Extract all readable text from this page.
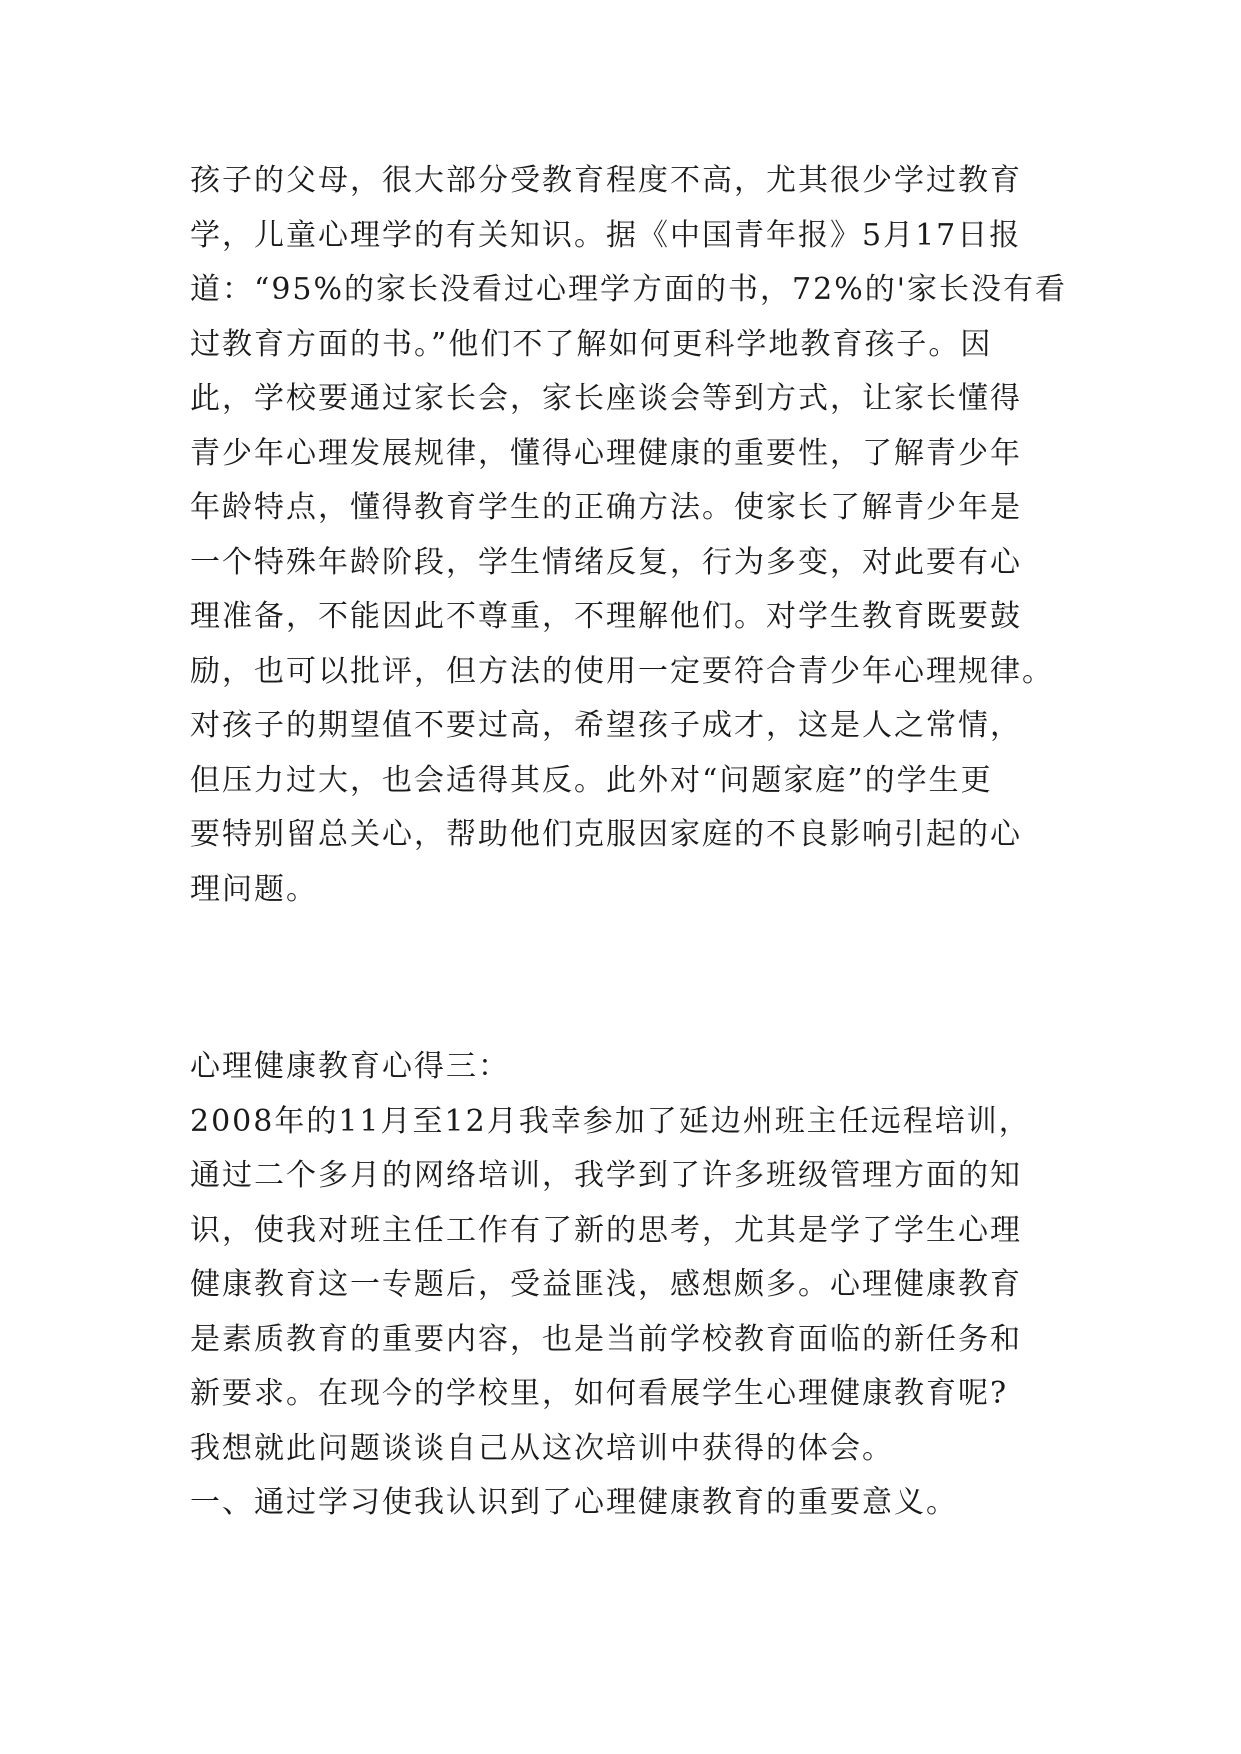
孩子的父母，很大部分受教育程度不高，尤其很少学过教育
学，儿童心理学的有关知识。据《中国青年报》5月17日报
道：“95%的家长没看过心理学方面的书，72%的'家长没有看
过教育方面的书。”他们不了解如何更科学地教育孩子。因
此，学校要通过家长会，家长座谈会等到方式，让家长懂得
青少年心理发展规律，懂得心理健康的重要性，了解青少年
年龄特点，懂得教育学生的正确方法。使家长了解青少年是
一个特殊年龄阶段，学生情绪反复，行为多变，对此要有心
理准备，不能因此不尊重，不理解他们。对学生教育既要鼓
励，也可以批评，但方法的使用一定要符合青少年心理规律。
对孩子的期望值不要过高，希望孩子成才，这是人之常情，
但压力过大，也会适得其反。此外对“问题家庭”的学生更
要特别留总关心，帮助他们克服因家庭的不良影响引起的心
理问题。
心理健康教育心得三：
2008年的11月至12月我幸参加了延边州班主任远程培训，
通过二个多月的网络培训，我学到了许多班级管理方面的知
识，使我对班主任工作有了新的思考，尤其是学了学生心理
健康教育这一专题后，受益匪浅，感想颇多。心理健康教育
是素质教育的重要内容，也是当前学校教育面临的新任务和
新要求。在现今的学校里，如何看展学生心理健康教育呢?
我想就此问题谈谈自己从这次培训中获得的体会。
一、通过学习使我认识到了心理健康教育的重要意义。
